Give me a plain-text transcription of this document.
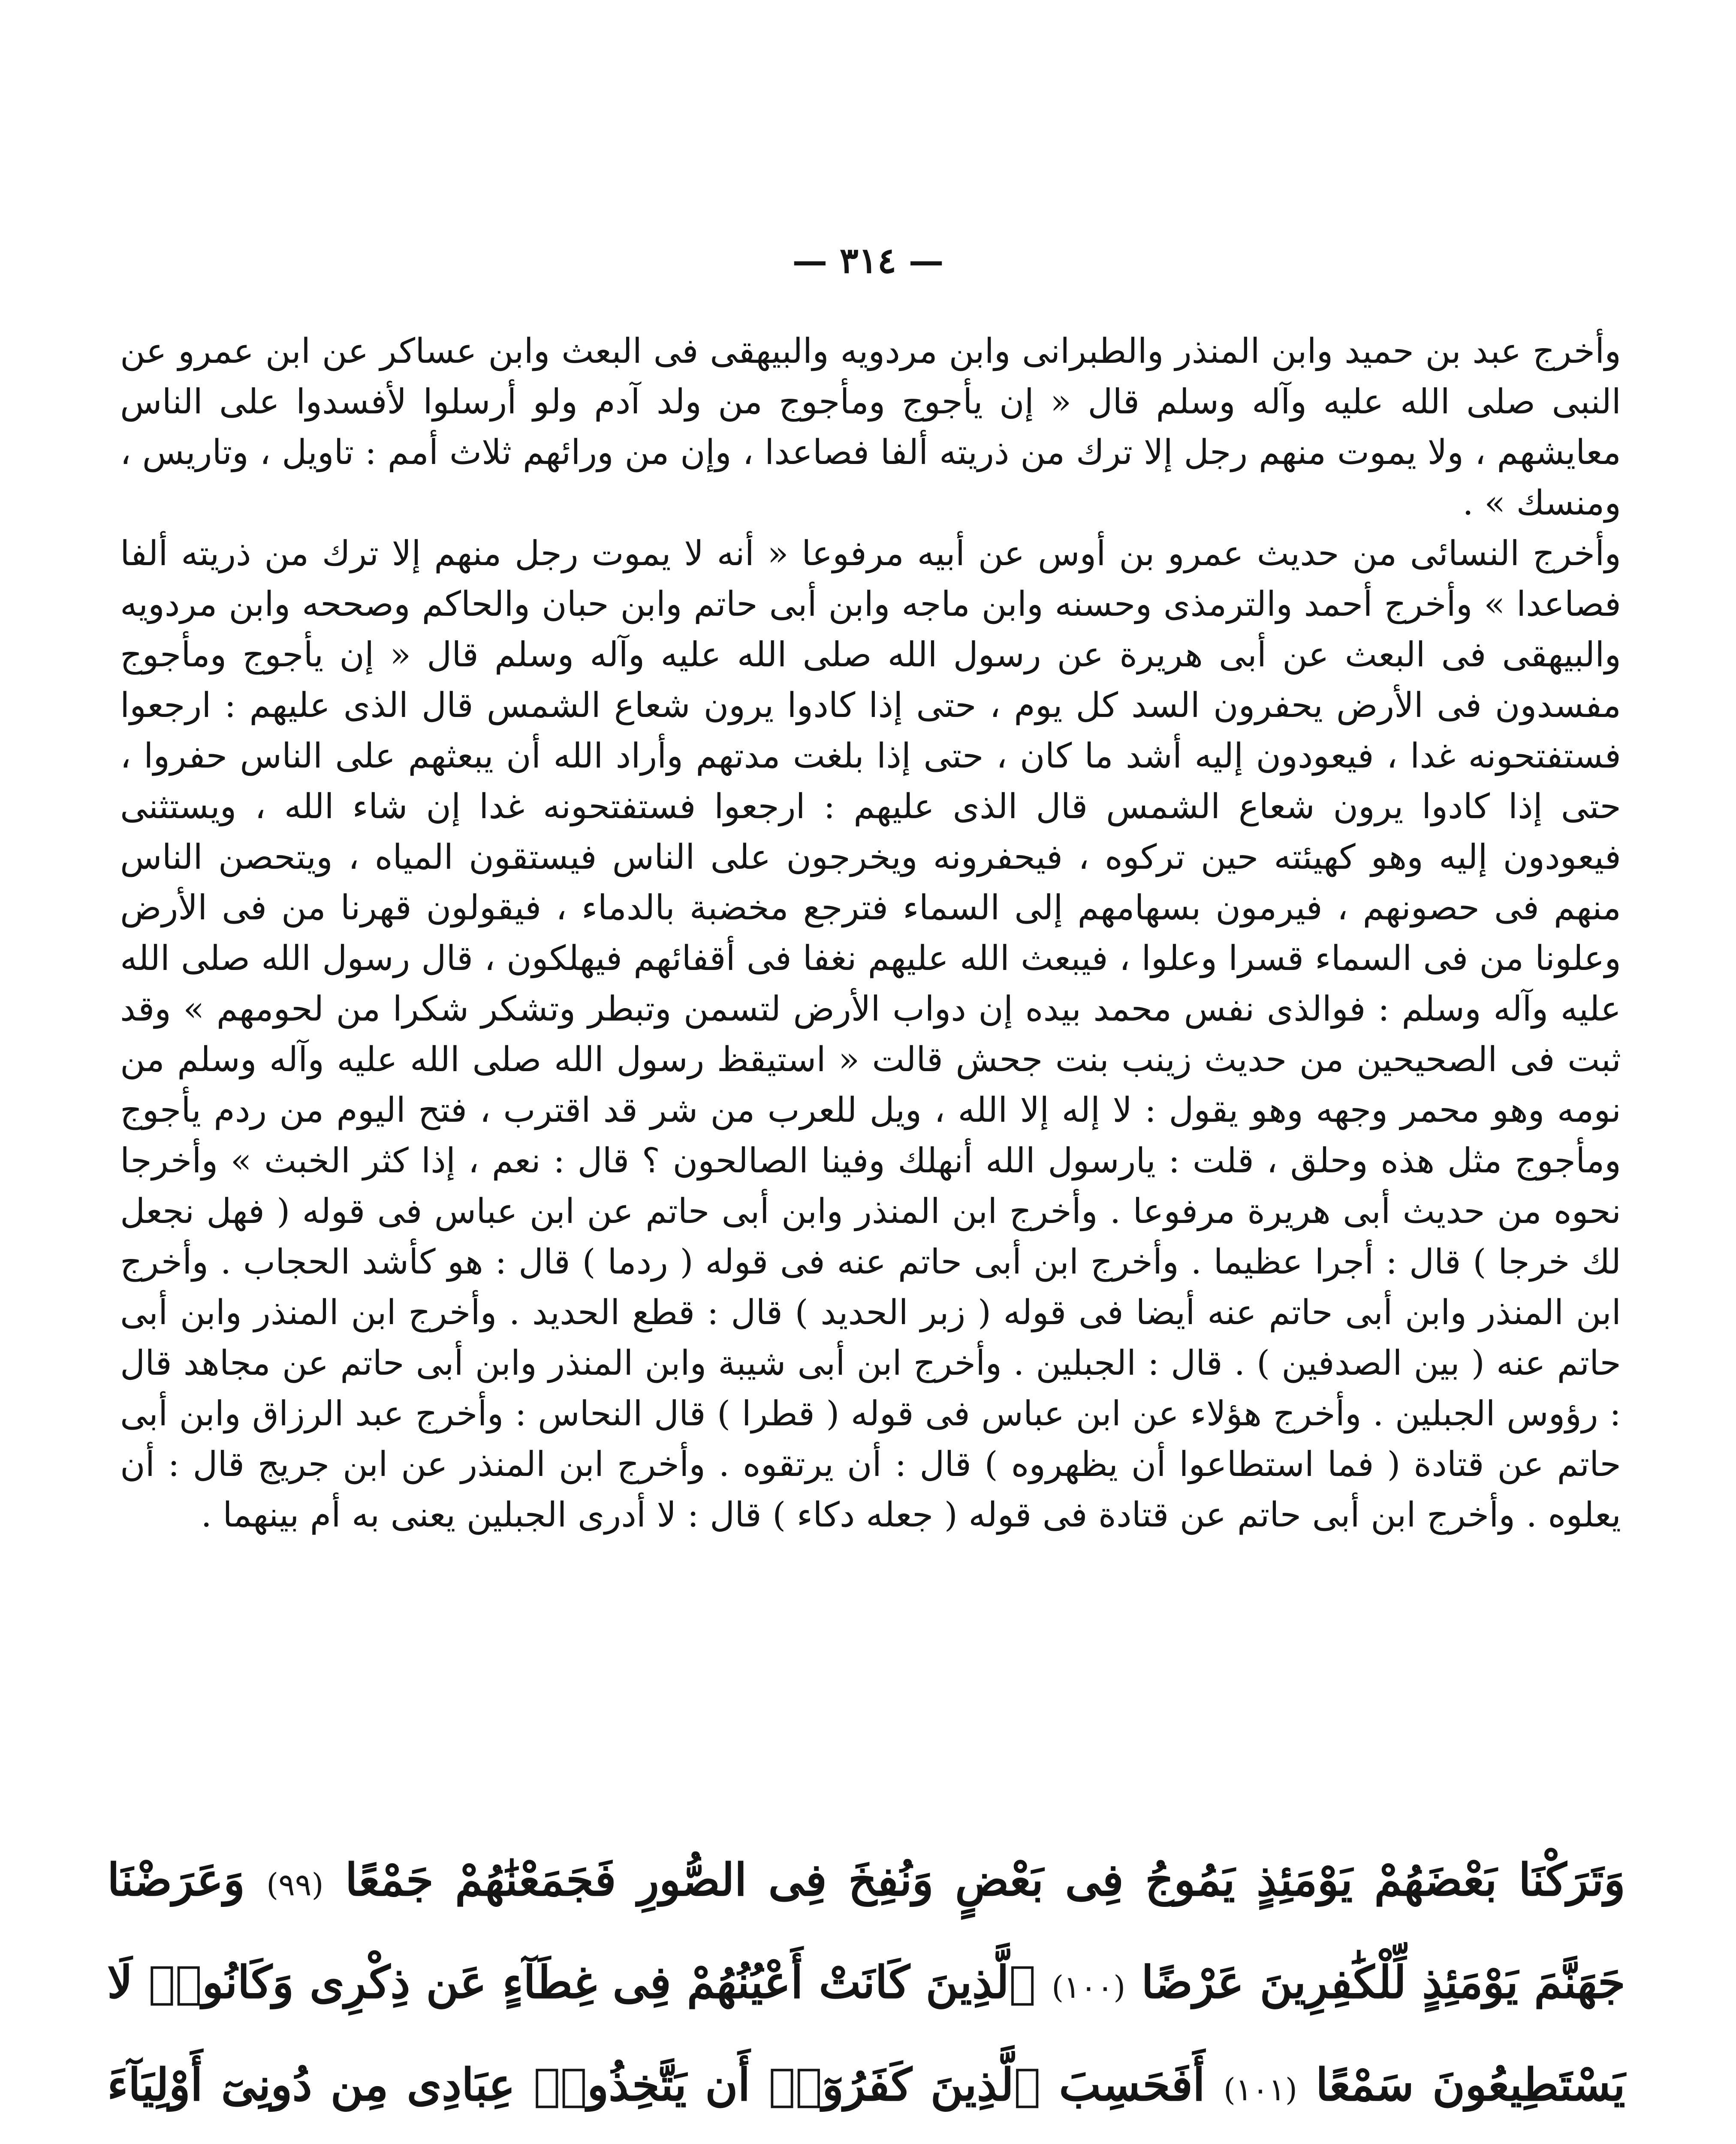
— ٣١٤ —

وأخرج عبد بن حميد وابن المنذر والطبرانى وابن مردويه والبيهقى فى البعث وابن عساكر عن ابن عمرو عن النبى صلى الله عليه وآله وسلم قال « إن يأجوج ومأجوج من ولد آدم ولو أرسلوا لأفسدوا على الناس معايشهم ، ولا يموت منهم رجل إلا ترك من ذريته ألفا فصاعدا ، وإن من ورائهم ثلاث أمم : تاويل ، وتاريس ، ومنسك » .

وأخرج النسائى من حديث عمرو بن أوس عن أبيه مرفوعا « أنه لا يموت رجل منهم إلا ترك من ذريته ألفا فصاعدا » وأخرج أحمد والترمذى وحسنه وابن ماجه وابن أبى حاتم وابن حبان والحاكم وصححه وابن مردويه والبيهقى فى البعث عن أبى هريرة عن رسول الله صلى الله عليه وآله وسلم قال « إن يأجوج ومأجوج مفسدون فى الأرض يحفرون السد كل يوم ، حتى إذا كادوا يرون شعاع الشمس قال الذى عليهم : ارجعوا فستفتحونه غدا ، فيعودون إليه أشد ما كان ، حتى إذا بلغت مدتهم وأراد الله أن يبعثهم على الناس حفروا ، حتى إذا كادوا يرون شعاع الشمس قال الذى عليهم : ارجعوا فستفتحونه غدا إن شاء الله ، ويستثنى فيعودون إليه وهو كهيئته حين تركوه ، فيحفرونه ويخرجون على الناس فيستقون المياه ، ويتحصن الناس منهم فى حصونهم ، فيرمون بسهامهم إلى السماء فترجع مخضبة بالدماء ، فيقولون قهرنا من فى الأرض وعلونا من فى السماء قسرا وعلوا ، فيبعث الله عليهم نغفا فى أقفائهم فيهلكون ، قال رسول الله صلى الله عليه وآله وسلم : فوالذى نفس محمد بيده إن دواب الأرض لتسمن وتبطر وتشكر شكرا من لحومهم » وقد ثبت فى الصحيحين من حديث زينب بنت جحش قالت « استيقظ رسول الله صلى الله عليه وآله وسلم من نومه وهو محمر وجهه وهو يقول : لا إله إلا الله ، ويل للعرب من شر قد اقترب ، فتح اليوم من ردم يأجوج ومأجوج مثل هذه وحلق ، قلت : يارسول الله أنهلك وفينا الصالحون ؟ قال : نعم ، إذا كثر الخبث » وأخرجا نحوه من حديث أبى هريرة مرفوعا . وأخرج ابن المنذر وابن أبى حاتم عن ابن عباس فى قوله ( فهل نجعل لك خرجا ) قال : أجرا عظيما . وأخرج ابن أبى حاتم عنه فى قوله ( ردما ) قال : هو كأشد الحجاب . وأخرج ابن المنذر وابن أبى حاتم عنه أيضا فى قوله ( زبر الحديد ) قال : قطع الحديد . وأخرج ابن المنذر وابن أبى حاتم عنه ( بين الصدفين ) . قال : الجبلين . وأخرج ابن أبى شيبة وابن المنذر وابن أبى حاتم عن مجاهد قال : رؤوس الجبلين . وأخرج هؤلاء عن ابن عباس فى قوله ( قطرا ) قال النحاس : وأخرج عبد الرزاق وابن أبى حاتم عن قتادة ( فما استطاعوا أن يظهروه ) قال : أن يرتقوه . وأخرج ابن المنذر عن ابن جريج قال : أن يعلوه . وأخرج ابن أبى حاتم عن قتادة فى قوله ( جعله دكاء ) قال : لا أدرى الجبلين يعنى به أم بينهما .

وَتَرَكْنَا بَعْضَهُمْ يَوْمَئِذٍ يَمُوجُ فِى بَعْضٍ وَنُفِخَ فِى الصُّورِ فَجَمَعْنَٰهُمْ جَمْعًا (٩٩) وَعَرَضْنَا جَهَنَّمَ يَوْمَئِذٍ لِّلْكَٰفِرِينَ عَرْضًا (١٠٠) ٱلَّذِينَ كَانَتْ أَعْيُنُهُمْ فِى غِطَآءٍ عَن ذِكْرِى وَكَانُوا۟ لَا يَسْتَطِيعُونَ سَمْعًا (١٠١) أَفَحَسِبَ ٱلَّذِينَ كَفَرُوٓا۟ أَن يَتَّخِذُوا۟ عِبَادِى مِن دُونِىٓ أَوْلِيَآءَ
